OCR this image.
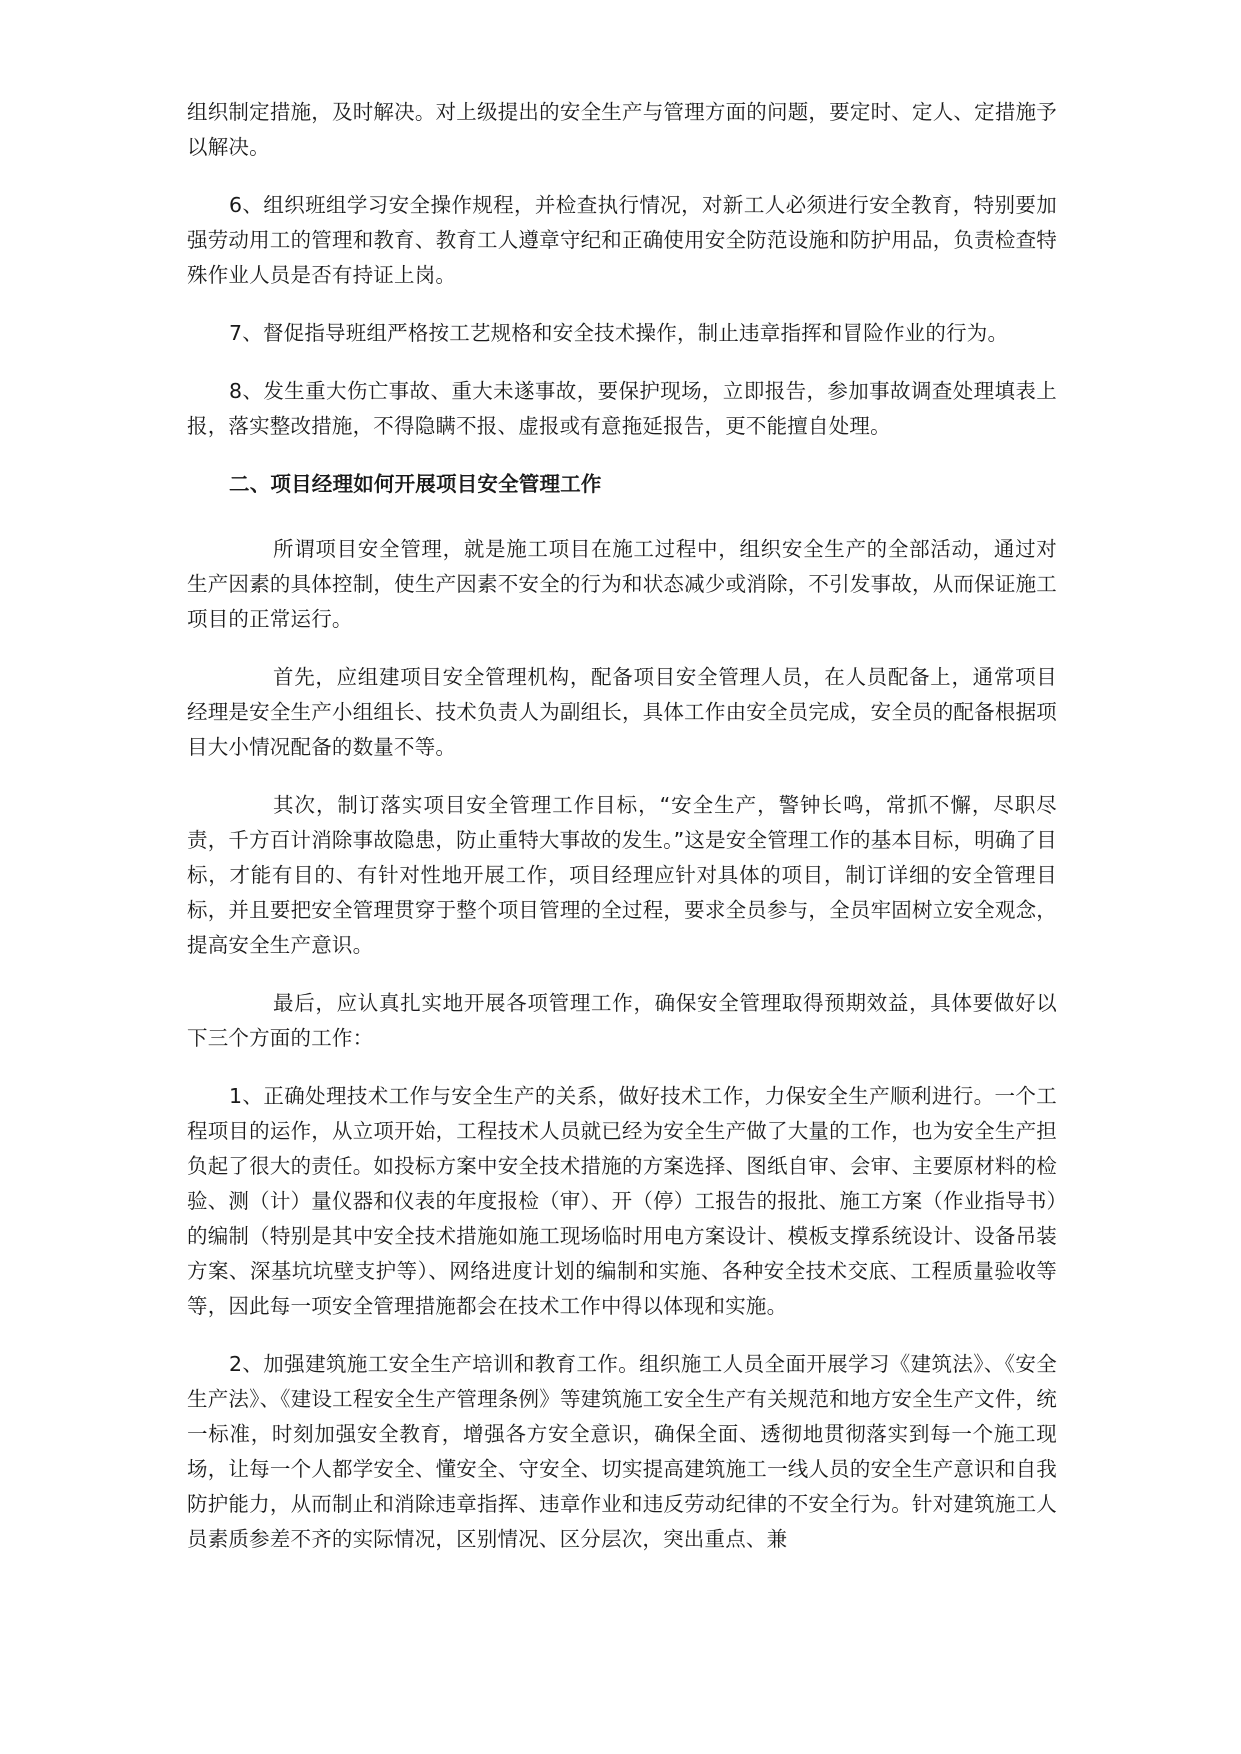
组织制定措施，及时解决。对上级提出的安全生产与管理方面的问题，要定时、定人、定措施予以解决。

6、组织班组学习安全操作规程，并检查执行情况，对新工人必须进行安全教育，特别要加强劳动用工的管理和教育、教育工人遵章守纪和正确使用安全防范设施和防护用品，负责检查特殊作业人员是否有持证上岗。

7、督促指导班组严格按工艺规格和安全技术操作，制止违章指挥和冒险作业的行为。

8、发生重大伤亡事故、重大未遂事故，要保护现场，立即报告，参加事故调查处理填表上报，落实整改措施，不得隐瞒不报、虚报或有意拖延报告，更不能擅自处理。

二、项目经理如何开展项目安全管理工作

所谓项目安全管理，就是施工项目在施工过程中，组织安全生产的全部活动，通过对生产因素的具体控制，使生产因素不安全的行为和状态减少或消除，不引发事故，从而保证施工项目的正常运行。

首先，应组建项目安全管理机构，配备项目安全管理人员，在人员配备上，通常项目经理是安全生产小组组长、技术负责人为副组长，具体工作由安全员完成，安全员的配备根据项目大小情况配备的数量不等。

其次，制订落实项目安全管理工作目标，“安全生产，警钟长鸣，常抓不懈，尽职尽责，千方百计消除事故隐患，防止重特大事故的发生。”这是安全管理工作的基本目标，明确了目标，才能有目的、有针对性地开展工作，项目经理应针对具体的项目，制订详细的安全管理目标，并且要把安全管理贯穿于整个项目管理的全过程，要求全员参与，全员牢固树立安全观念，提高安全生产意识。

最后，应认真扎实地开展各项管理工作，确保安全管理取得预期效益，具体要做好以下三个方面的工作：

1、正确处理技术工作与安全生产的关系，做好技术工作，力保安全生产顺利进行。一个工程项目的运作，从立项开始，工程技术人员就已经为安全生产做了大量的工作，也为安全生产担负起了很大的责任。如投标方案中安全技术措施的方案选择、图纸自审、会审、主要原材料的检验、测（计）量仪器和仪表的年度报检（审）、开（停）工报告的报批、施工方案（作业指导书）的编制（特别是其中安全技术措施如施工现场临时用电方案设计、模板支撑系统设计、设备吊装方案、深基坑坑壁支护等）、网络进度计划的编制和实施、各种安全技术交底、工程质量验收等等，因此每一项安全管理措施都会在技术工作中得以体现和实施。

2、加强建筑施工安全生产培训和教育工作。组织施工人员全面开展学习《建筑法》、《安全生产法》、《建设工程安全生产管理条例》等建筑施工安全生产有关规范和地方安全生产文件，统一标准，时刻加强安全教育，增强各方安全意识，确保全面、透彻地贯彻落实到每一个施工现场，让每一个人都学安全、懂安全、守安全、切实提高建筑施工一线人员的安全生产意识和自我防护能力，从而制止和消除违章指挥、违章作业和违反劳动纪律的不安全行为。针对建筑施工人员素质参差不齐的实际情况，区别情况、区分层次，突出重点、兼
